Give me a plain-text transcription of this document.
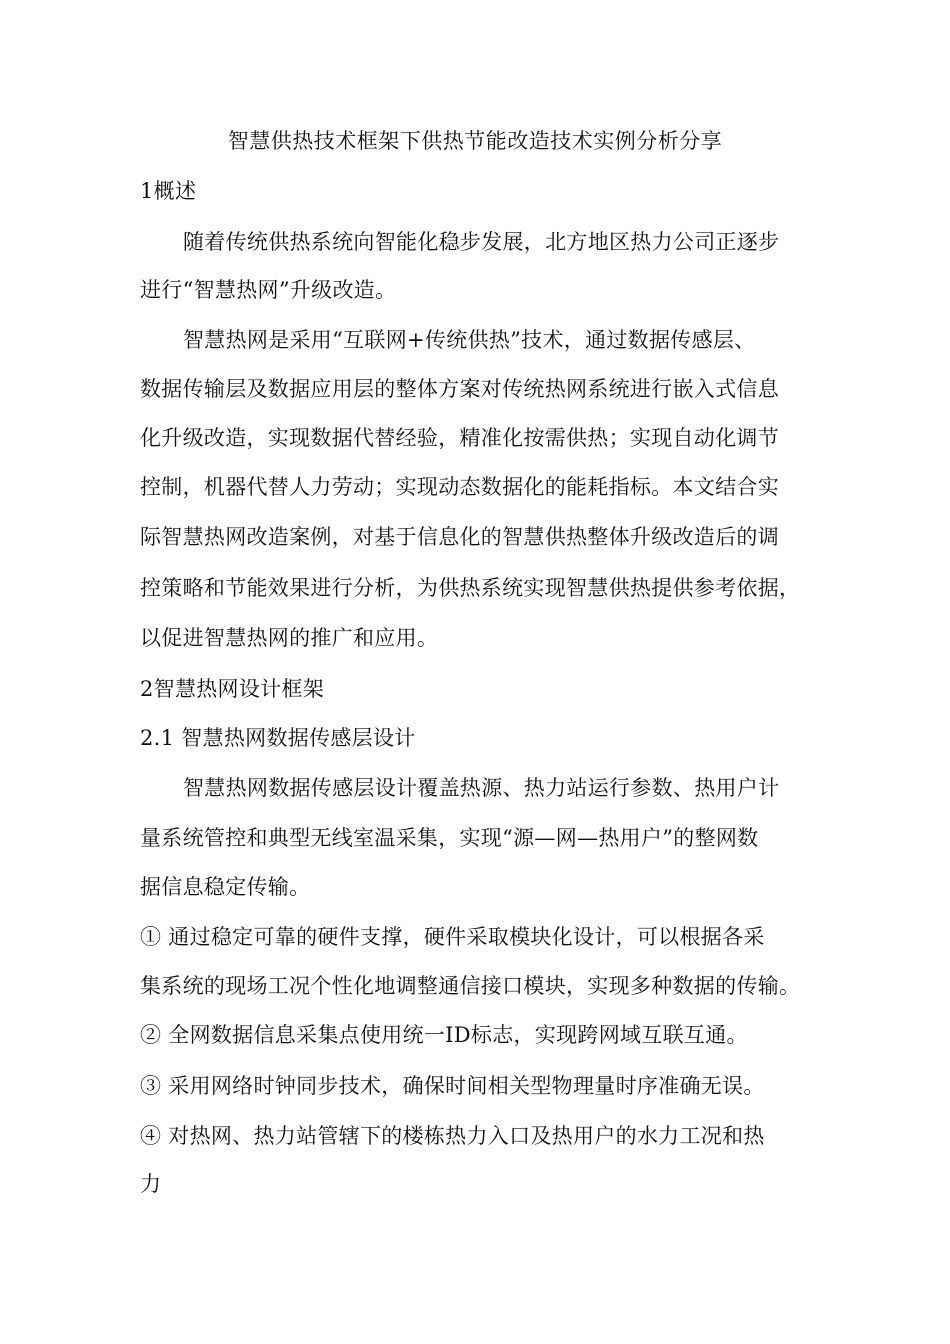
智慧供热技术框架下供热节能改造技术实例分析分享
1概述
随着传统供热系统向智能化稳步发展，北方地区热力公司正逐步
进行“智慧热网”升级改造。
智慧热网是采用“互联网+传统供热”技术，通过数据传感层、
数据传输层及数据应用层的整体方案对传统热网系统进行嵌入式信息
化升级改造，实现数据代替经验，精准化按需供热；实现自动化调节
控制，机器代替人力劳动；实现动态数据化的能耗指标。本文结合实
际智慧热网改造案例，对基于信息化的智慧供热整体升级改造后的调
控策略和节能效果进行分析，为供热系统实现智慧供热提供参考依据，
以促进智慧热网的推广和应用。
2智慧热网设计框架
2.1 智慧热网数据传感层设计
智慧热网数据传感层设计覆盖热源、热力站运行参数、热用户计
量系统管控和典型无线室温采集，实现“源—网—热用户”的整网数
据信息稳定传输。
① 通过稳定可靠的硬件支撑，硬件采取模块化设计，可以根据各采
集系统的现场工况个性化地调整通信接口模块，实现多种数据的传输。
② 全网数据信息采集点使用统一ID标志，实现跨网域互联互通。
③ 采用网络时钟同步技术，确保时间相关型物理量时序准确无误。
④ 对热网、热力站管辖下的楼栋热力入口及热用户的水力工况和热
力
